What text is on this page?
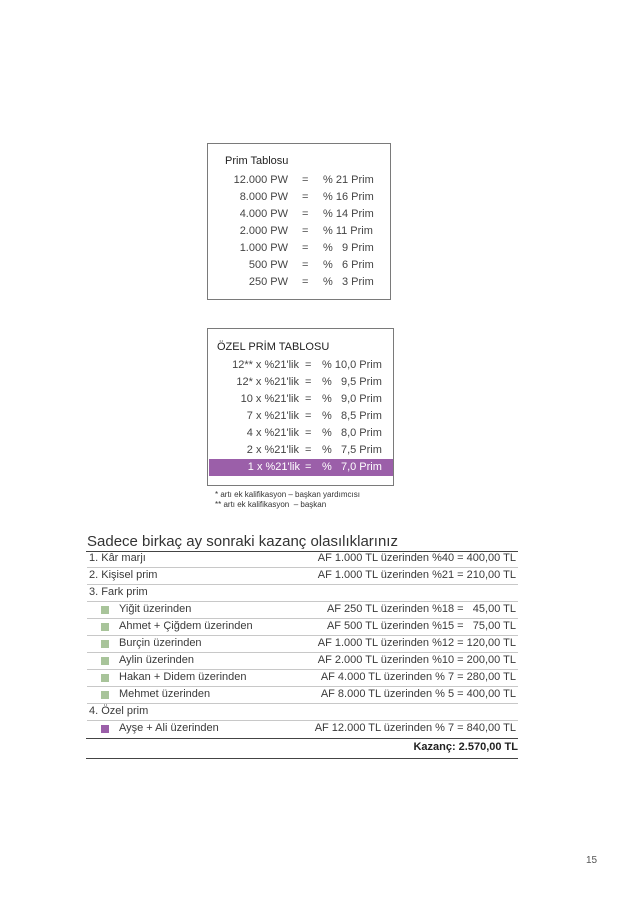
Prim Tablosu
12.000 PW = % 21 Prim
8.000 PW = % 16 Prim
4.000 PW = % 14 Prim
2.000 PW = % 11 Prim
1.000 PW = %   9 Prim
500 PW = %   6 Prim
250 PW = %   3 Prim
ÖZEL PRİM TABLOSU
12** x %21'lik = % 10,0 Prim
12* x %21'lik = %   9,5 Prim
10 x %21'lik = %   9,0 Prim
7 x %21'lik = %   8,5 Prim
4 x %21'lik = %   8,0 Prim
2 x %21'lik = %   7,5 Prim
1 x %21'lik = %   7,0 Prim
* artı ek kalifikasyon – başkan yardımcısı
** artı ek kalifikasyon  – başkan
Sadece birkaç ay sonraki kazanç olasılıklarınız
1. Kâr marjı	AF 1.000 TL üzerinden %40 = 400,00 TL
2. Kişisel prim	AF 1.000 TL üzerinden %21 = 210,00 TL
3. Fark prim
Yiğit üzerinden	AF 250 TL üzerinden %18 =   45,00 TL
Ahmet + Çiğdem üzerinden	AF 500 TL üzerinden %15 =   75,00 TL
Burçin üzerinden	AF 1.000 TL üzerinden %12 = 120,00 TL
Aylin üzerinden	AF 2.000 TL üzerinden %10 = 200,00 TL
Hakan + Didem üzerinden	AF 4.000 TL üzerinden % 7 = 280,00 TL
Mehmet üzerinden	AF 8.000 TL üzerinden % 5 = 400,00 TL
4. Özel prim
Ayşe + Ali üzerinden	AF 12.000 TL üzerinden % 7 = 840,00 TL
Kazanç: 2.570,00 TL
15
